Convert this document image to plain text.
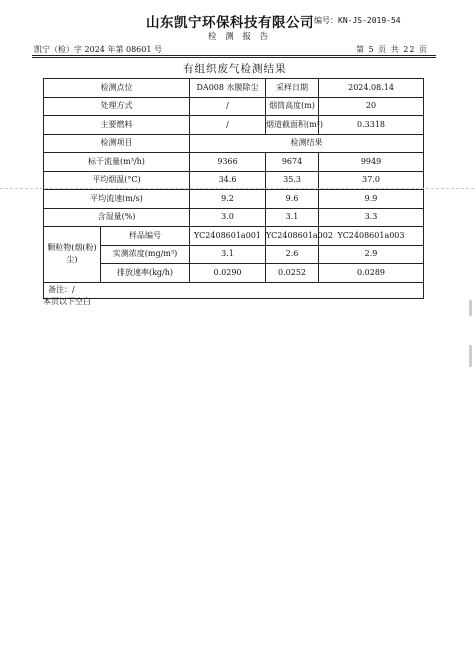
山东凯宁环保科技有限公司 编号：KN-JS-2019-54
检 测 报 告
凯宁（检）字 2024 年第 08601 号	第 5 页 共 22 页
有组织废气检测结果
检测点位		DA008 水膜除尘	采样日期	2024.08.14
处理方式		/	烟筒高度(m)	20
主要燃料		/	烟道截面积(m²)	0.3318
检测项目		检测结果		
标干流量(m³/h)		9366	9674	9949
平均烟温(°C)		34.6	35.3	37.0
平均流速(m/s)		9.2	9.6	9.9
含湿量(%)		3.0	3.1	3.3
颗粒物(烟(粉)尘)	样品编号	YC2408601a001	YC2408601a002	YC2408601a003
	实测浓度(mg/m³)	3.1	2.6	2.9
	排放速率(kg/h)	0.0290	0.0252	0.0289
备注：/				
本页以下空白
